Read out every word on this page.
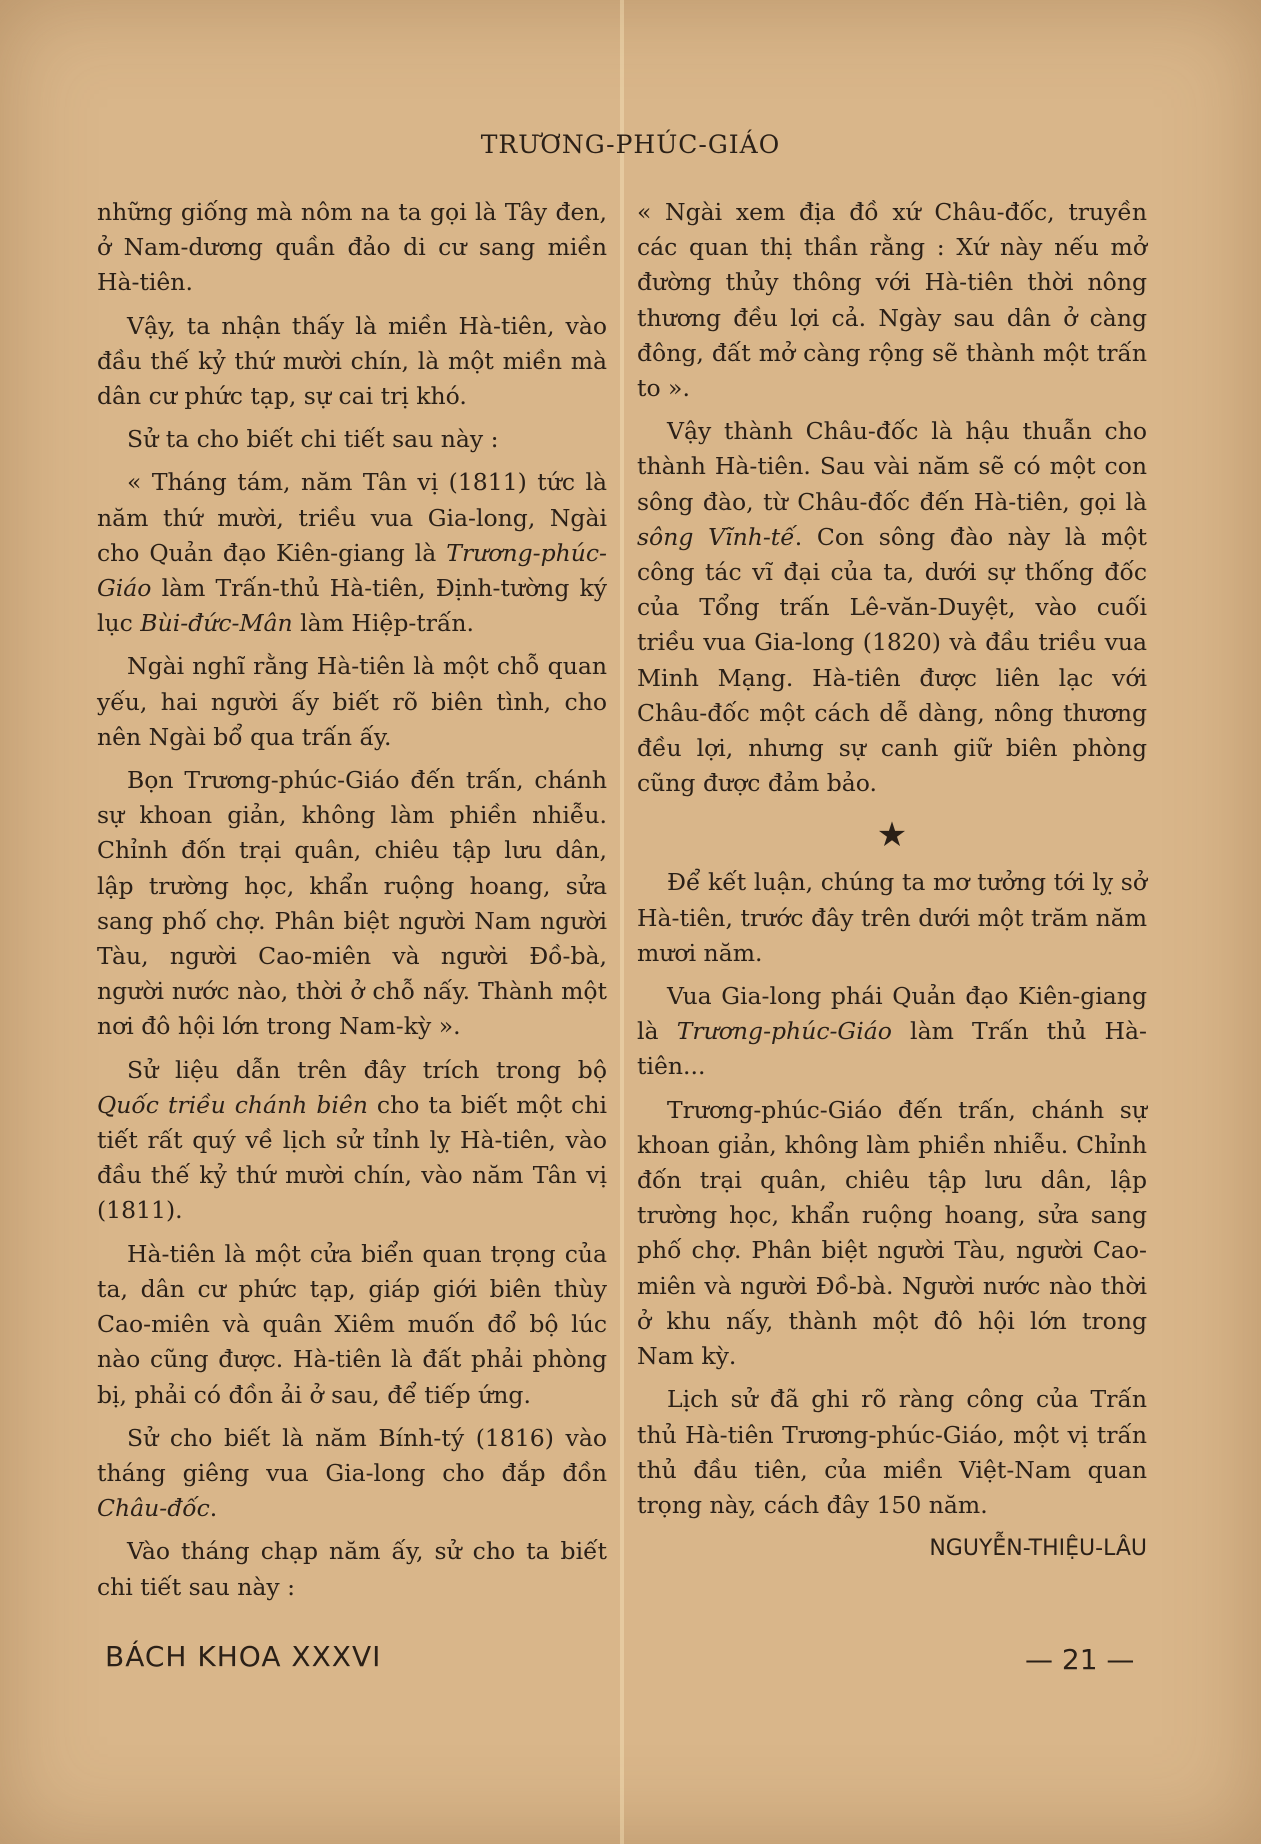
TRƯƠNG-PHÚC-GIÁO

những giống mà nôm na ta gọi là Tây đen, ở Nam-dương quần đảo di cư sang miền Hà-tiên.

Vậy, ta nhận thấy là miền Hà-tiên, vào đầu thế kỷ thứ mười chín, là một miền mà dân cư phức tạp, sự cai trị khó.

Sử ta cho biết chi tiết sau này :

« Tháng tám, năm Tân vị (1811) tức là năm thứ mười, triều vua Gia-long, Ngài cho Quản đạo Kiên-giang là Trương-phúc-Giáo làm Trấn-thủ Hà-tiên, Định-tường ký lục Bùi-đức-Mân làm Hiệp-trấn.

Ngài nghĩ rằng Hà-tiên là một chỗ quan yếu, hai người ấy biết rõ biên tình, cho nên Ngài bổ qua trấn ấy.

Bọn Trương-phúc-Giáo đến trấn, chánh sự khoan giản, không làm phiền nhiễu. Chỉnh đốn trại quân, chiêu tập lưu dân, lập trường học, khẩn ruộng hoang, sửa sang phố chợ. Phân biệt người Nam người Tàu, người Cao-miên và người Đồ-bà, người nước nào, thời ở chỗ nấy. Thành một nơi đô hội lớn trong Nam-kỳ ».

Sử liệu dẫn trên đây trích trong bộ Quốc triều chánh biên cho ta biết một chi tiết rất quý về lịch sử tỉnh lỵ Hà-tiên, vào đầu thế kỷ thứ mười chín, vào năm Tân vị (1811).

Hà-tiên là một cửa biển quan trọng của ta, dân cư phức tạp, giáp giới biên thùy Cao-miên và quân Xiêm muốn đổ bộ lúc nào cũng được. Hà-tiên là đất phải phòng bị, phải có đồn ải ở sau, để tiếp ứng.

Sử cho biết là năm Bính-tý (1816) vào tháng giêng vua Gia-long cho đắp đồn Châu-đốc.

Vào tháng chạp năm ấy, sử cho ta biết chi tiết sau này :

« Ngài xem địa đồ xứ Châu-đốc, truyền các quan thị thần rằng : Xứ này nếu mở đường thủy thông với Hà-tiên thời nông thương đều lợi cả. Ngày sau dân ở càng đông, đất mở càng rộng sẽ thành một trấn to ».

Vậy thành Châu-đốc là hậu thuẫn cho thành Hà-tiên. Sau vài năm sẽ có một con sông đào, từ Châu-đốc đến Hà-tiên, gọi là sông Vĩnh-tế. Con sông đào này là một công tác vĩ đại của ta, dưới sự thống đốc của Tổng trấn Lê-văn-Duyệt, vào cuối triều vua Gia-long (1820) và đầu triều vua Minh Mạng. Hà-tiên được liên lạc với Châu-đốc một cách dễ dàng, nông thương đều lợi, nhưng sự canh giữ biên phòng cũng được đảm bảo.

★

Để kết luận, chúng ta mơ tưởng tới lỵ sở Hà-tiên, trước đây trên dưới một trăm năm mươi năm.

Vua Gia-long phái Quản đạo Kiên-giang là Trương-phúc-Giáo làm Trấn thủ Hà-tiên...

Trương-phúc-Giáo đến trấn, chánh sự khoan giản, không làm phiền nhiễu. Chỉnh đốn trại quân, chiêu tập lưu dân, lập trường học, khẩn ruộng hoang, sửa sang phố chợ. Phân biệt người Tàu, người Cao-miên và người Đồ-bà. Người nước nào thời ở khu nấy, thành một đô hội lớn trong Nam kỳ.

Lịch sử đã ghi rõ ràng công của Trấn thủ Hà-tiên Trương-phúc-Giáo, một vị trấn thủ đầu tiên, của miền Việt-Nam quan trọng này, cách đây 150 năm.

NGUYỄN-THIỆU-LÂU
BÁCH KHOA XXXVI	— 21 —
